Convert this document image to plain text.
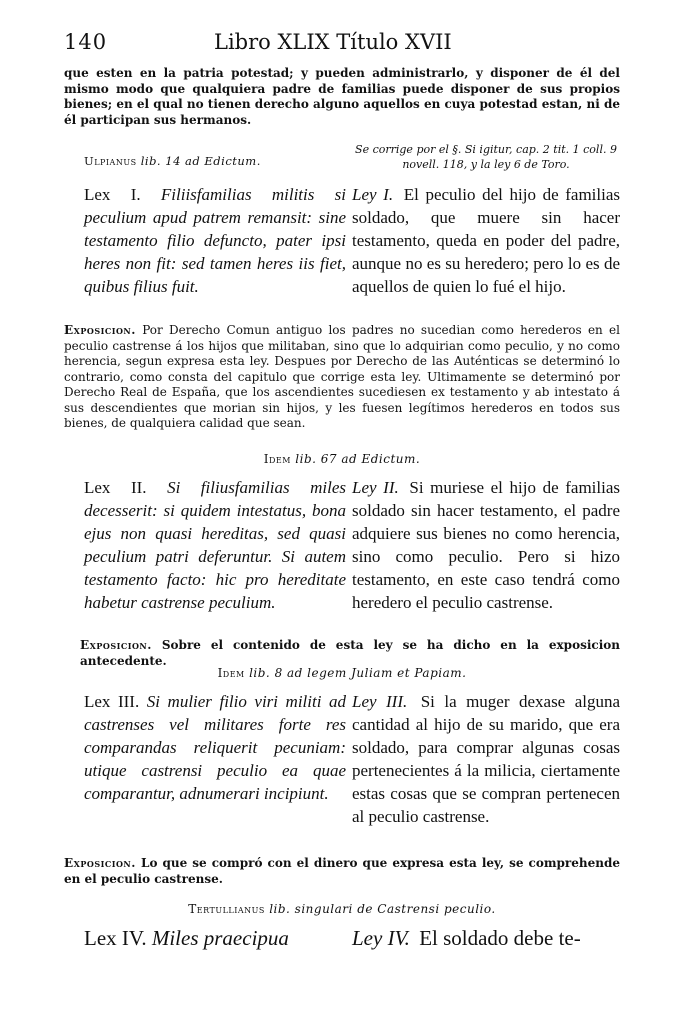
140	Libro XLIX Título XVII

que esten en la patria potestad; y pueden administrarlo, y disponer de él del mismo modo que qualquiera padre de familias puede disponer de sus propios bienes; en el qual no tienen derecho alguno aquellos en cuya potestad estan, ni de él participan sus hermanos.

Ulpianus lib. 14 ad Edictum.
Se corrige por el §. Si igitur, cap. 2 tit. 1 coll. 9 novell. 118, y la ley 6 de Toro.
Lex I. Filiisfamilias militis si peculium apud patrem remansit: sine testamento filio defuncto, pater ipsi heres non fit: sed tamen heres iis fiet, quibus filius fuit.
Ley I. El peculio del hijo de familias soldado, que muere sin hacer testamento, queda en poder del padre, aunque no es su heredero; pero lo es de aquellos de quien lo fué el hijo.

Exposicion. Por Derecho Comun antiguo los padres no sucedian como herederos en el peculio castrense á los hijos que militaban, sino que lo adquirian como peculio, y no como herencia, segun expresa esta ley. Despues por Derecho de las Auténticas se determinó lo contrario, como consta del capitulo que corrige esta ley. Ultimamente se determinó por Derecho Real de España, que los ascendientes sucediesen ex testamento y ab intestato á sus descendientes que morian sin hijos, y les fuesen legítimos herederos en todos sus bienes, de qualquiera calidad que sean.

Idem lib. 67 ad Edictum.
Lex II. Si filiusfamilias miles decesserit: si quidem intestatus, bona ejus non quasi hereditas, sed quasi peculium patri deferuntur. Si autem testamento facto: hic pro hereditate habetur castrense peculium.
Ley II. Si muriese el hijo de familias soldado sin hacer testamento, el padre adquiere sus bienes no como herencia, sino como peculio. Pero si hizo testamento, en este caso tendrá como heredero el peculio castrense.

Exposicion. Sobre el contenido de esta ley se ha dicho en la exposicion antecedente.

Idem lib. 8 ad legem Juliam et Papiam.
Lex III. Si mulier filio viri militi ad castrenses vel militares forte res comparandas reliquerit pecuniam: utique castrensi peculio ea quae comparantur, adnumerari incipiunt.
Ley III. Si la muger dexase alguna cantidad al hijo de su marido, que era soldado, para comprar algunas cosas pertenecientes á la milicia, ciertamente estas cosas que se compran pertenecen al peculio castrense.

Exposicion. Lo que se compró con el dinero que expresa esta ley, se comprehende en el peculio castrense.

Tertullianus lib. singulari de Castrensi peculio.
Lex IV. Miles praecipua	Ley IV. El soldado debe te-
